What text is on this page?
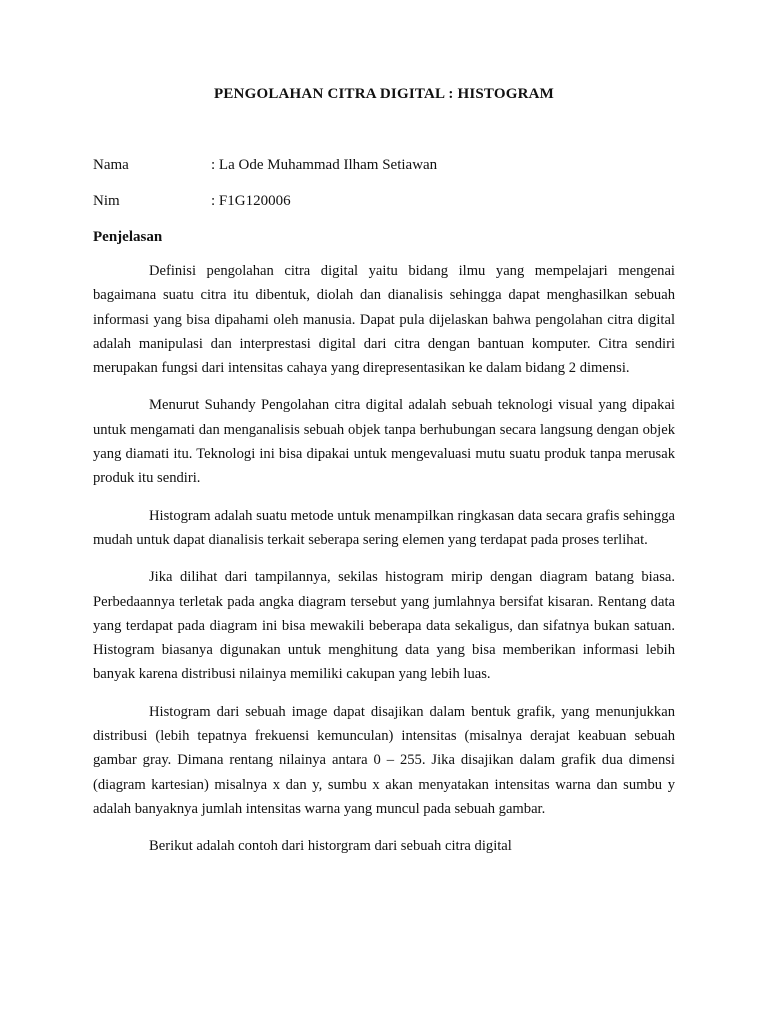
PENGOLAHAN CITRA DIGITAL : HISTOGRAM
Nama	: La Ode Muhammad Ilham Setiawan
Nim	: F1G120006
Penjelasan

Definisi pengolahan citra digital yaitu bidang ilmu yang mempelajari mengenai bagaimana suatu citra itu dibentuk, diolah dan dianalisis sehingga dapat menghasilkan sebuah informasi yang bisa dipahami oleh manusia. Dapat pula dijelaskan bahwa pengolahan citra digital adalah manipulasi dan interprestasi digital dari citra dengan bantuan komputer. Citra sendiri merupakan fungsi dari intensitas cahaya yang direpresentasikan ke dalam bidang 2 dimensi.

Menurut Suhandy Pengolahan citra digital adalah sebuah teknologi visual yang dipakai untuk mengamati dan menganalisis sebuah objek tanpa berhubungan secara langsung dengan objek yang diamati itu. Teknologi ini bisa dipakai untuk mengevaluasi mutu suatu produk tanpa merusak produk itu sendiri.

Histogram adalah suatu metode untuk menampilkan ringkasan data secara grafis sehingga mudah untuk dapat dianalisis terkait seberapa sering elemen yang terdapat pada proses terlihat.

Jika dilihat dari tampilannya, sekilas histogram mirip dengan diagram batang biasa. Perbedaannya terletak pada angka diagram tersebut yang jumlahnya bersifat kisaran. Rentang data yang terdapat pada diagram ini bisa mewakili beberapa data sekaligus, dan sifatnya bukan satuan. Histogram biasanya digunakan untuk menghitung data yang bisa memberikan informasi lebih banyak karena distribusi nilainya memiliki cakupan yang lebih luas.

Histogram dari sebuah image dapat disajikan dalam bentuk grafik, yang menunjukkan distribusi (lebih tepatnya frekuensi kemunculan) intensitas (misalnya derajat keabuan sebuah gambar gray. Dimana rentang nilainya antara 0 – 255. Jika disajikan dalam grafik dua dimensi (diagram kartesian) misalnya x dan y, sumbu x akan menyatakan intensitas warna dan sumbu y adalah banyaknya jumlah intensitas warna yang muncul pada sebuah gambar.

Berikut adalah contoh dari historgram dari sebuah citra digital
